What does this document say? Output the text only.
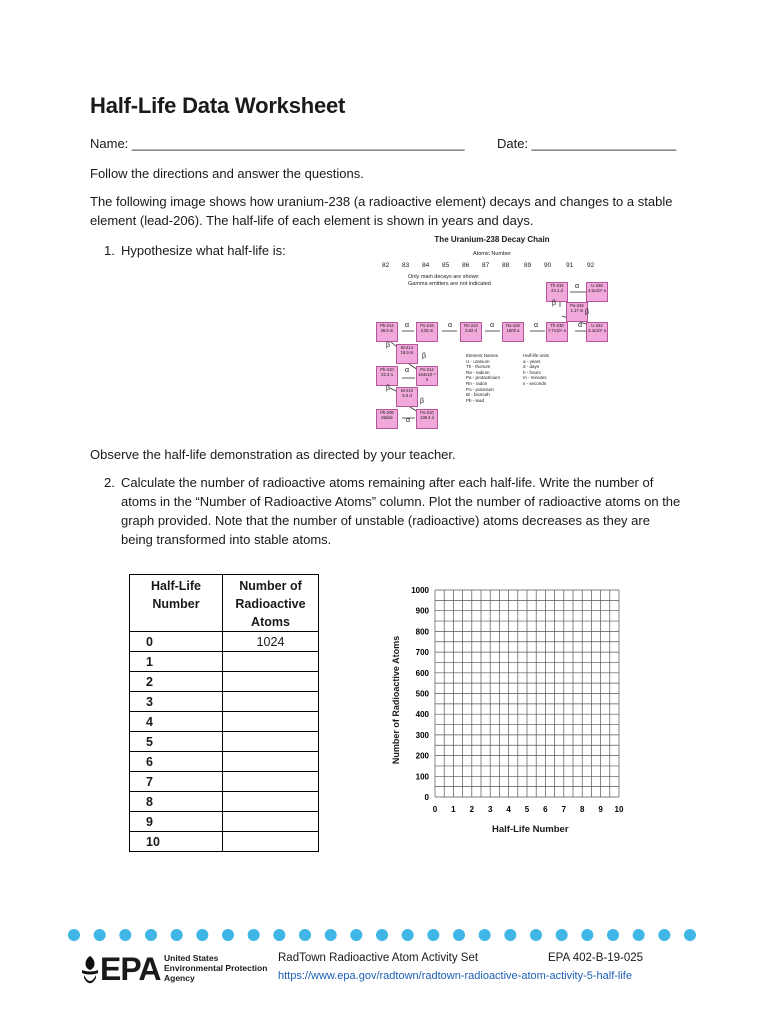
Half-Life Data Worksheet
Name: ______________________________________________	Date: ____________________
Follow the directions and answer the questions.
The following image shows how uranium-238 (a radioactive element) decays and changes to a stable element (lead-206). The half-life of each element is shown in years and days.
1. Hypothesize what half-life is:
The Uranium-238 Decay Chain
Atomic Number
82 83 84 85 86 87 88 89 90 91 92
Only main decays are shown
Gamma emitters are not indicated	Th-234
24.1 d
U-238
4.5x10⁹ a
Pa-234
1.17 m
Pb-214
26.8 m
Po-218
3.05 m
Rn-222
3.82 d
Ra-226
1600 a
Th-230
7.7x10⁴ a
U-234
2.4x10⁵ a
Bi-214
19.9 m
Pb-210
22.3 a
Po-214
164x10⁻⁶ s
Bi-210
5.0 d
Pb-206
Stable
Po-210
138.4 d
α
β
β
α
α
α
α
α
β
β
α
β
β
α
Element Names
U - uranium
Th - thorium
Ra - radium
Pa - protactinium
Rn - radon
Po - polonium
Bi - bismuth
Pb - lead
Half-life units
a - years
d - days
h - hours
m - minutes
s - seconds
Observe the half-life demonstration as directed by your teacher.
2. Calculate the number of radioactive atoms remaining after each half-life. Write the number of atoms in the “Number of Radioactive Atoms” column. Plot the number of radioactive atoms on the graph provided. Note that the number of unstable (radioactive) atoms decreases as they are being transformed into stable atoms.
Half-Life Number	Number of Radioactive Atoms
0	1024
1	
2	
3	
4	
5	
6	
7	
8	
9	
10	
0
100
200
300
400
500
600
700
800
900
1000
0 1 2 3 4 5 6 7 8 9 10
Number of Radioactive Atoms
Half-Life Number
EPA United States
Environmental Protection
Agency
RadTown Radioactive Atom Activity Set	EPA 402-B-19-025
https://www.epa.gov/radtown/radtown-radioactive-atom-activity-5-half-life
